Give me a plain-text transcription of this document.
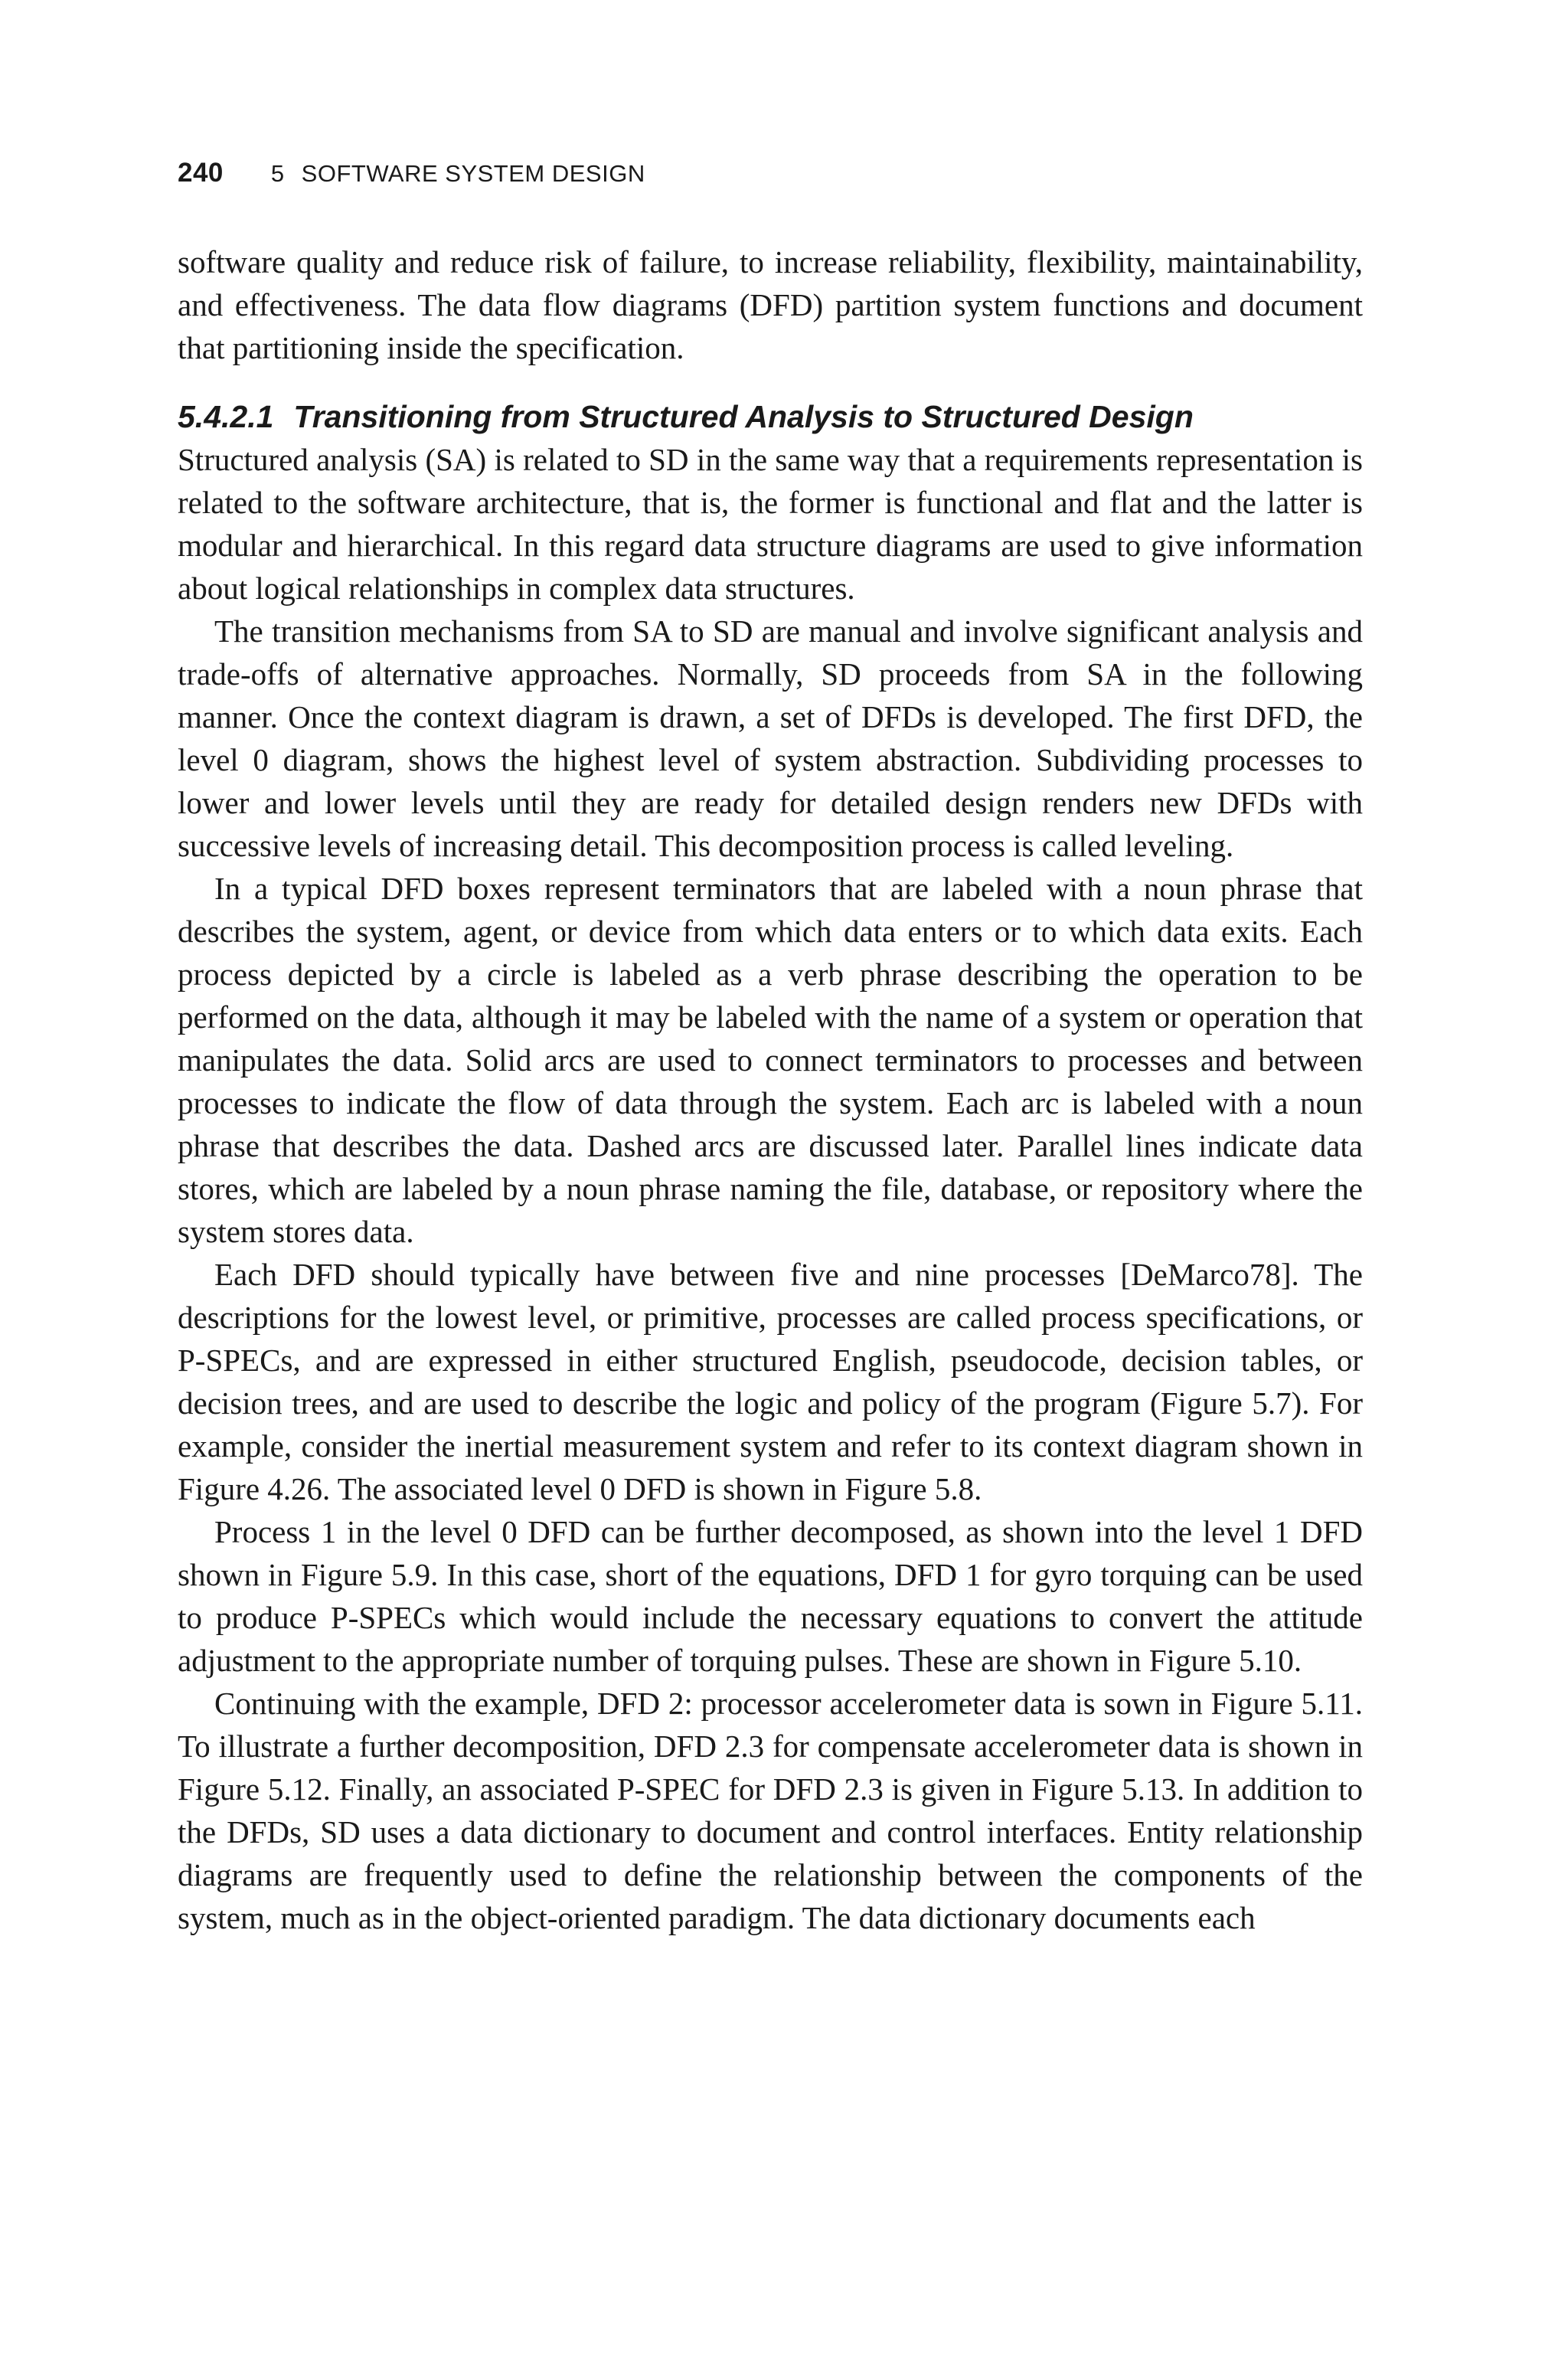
240 5 SOFTWARE SYSTEM DESIGN

software quality and reduce risk of failure, to increase reliability, flexibility, maintainability, and effectiveness. The data flow diagrams (DFD) partition system functions and document that partitioning inside the specification.

5.4.2.1 Transitioning from Structured Analysis to Structured Design

Structured analysis (SA) is related to SD in the same way that a requirements representation is related to the software architecture, that is, the former is functional and flat and the latter is modular and hierarchical. In this regard data structure diagrams are used to give information about logical relationships in complex data structures.

The transition mechanisms from SA to SD are manual and involve significant analysis and trade-offs of alternative approaches. Normally, SD proceeds from SA in the following manner. Once the context diagram is drawn, a set of DFDs is developed. The first DFD, the level 0 diagram, shows the highest level of system abstraction. Subdividing processes to lower and lower levels until they are ready for detailed design renders new DFDs with successive levels of increasing detail. This decomposition process is called leveling.

In a typical DFD boxes represent terminators that are labeled with a noun phrase that describes the system, agent, or device from which data enters or to which data exits. Each process depicted by a circle is labeled as a verb phrase describing the operation to be performed on the data, although it may be labeled with the name of a system or operation that manipulates the data. Solid arcs are used to connect terminators to processes and between processes to indicate the flow of data through the system. Each arc is labeled with a noun phrase that describes the data. Dashed arcs are discussed later. Parallel lines indicate data stores, which are labeled by a noun phrase naming the file, database, or repository where the system stores data.

Each DFD should typically have between five and nine processes [DeMarco78]. The descriptions for the lowest level, or primitive, processes are called process specifications, or P-SPECs, and are expressed in either structured English, pseudocode, decision tables, or decision trees, and are used to describe the logic and policy of the program (Figure 5.7). For example, consider the inertial measurement system and refer to its context diagram shown in Figure 4.26. The associated level 0 DFD is shown in Figure 5.8.

Process 1 in the level 0 DFD can be further decomposed, as shown into the level 1 DFD shown in Figure 5.9. In this case, short of the equations, DFD 1 for gyro torquing can be used to produce P-SPECs which would include the necessary equations to convert the attitude adjustment to the appropriate number of torquing pulses. These are shown in Figure 5.10.

Continuing with the example, DFD 2: processor accelerometer data is sown in Figure 5.11. To illustrate a further decomposition, DFD 2.3 for compensate accelerometer data is shown in Figure 5.12. Finally, an associated P-SPEC for DFD 2.3 is given in Figure 5.13. In addition to the DFDs, SD uses a data dictionary to document and control interfaces. Entity relationship diagrams are frequently used to define the relationship between the components of the system, much as in the object-oriented paradigm. The data dictionary documents each
